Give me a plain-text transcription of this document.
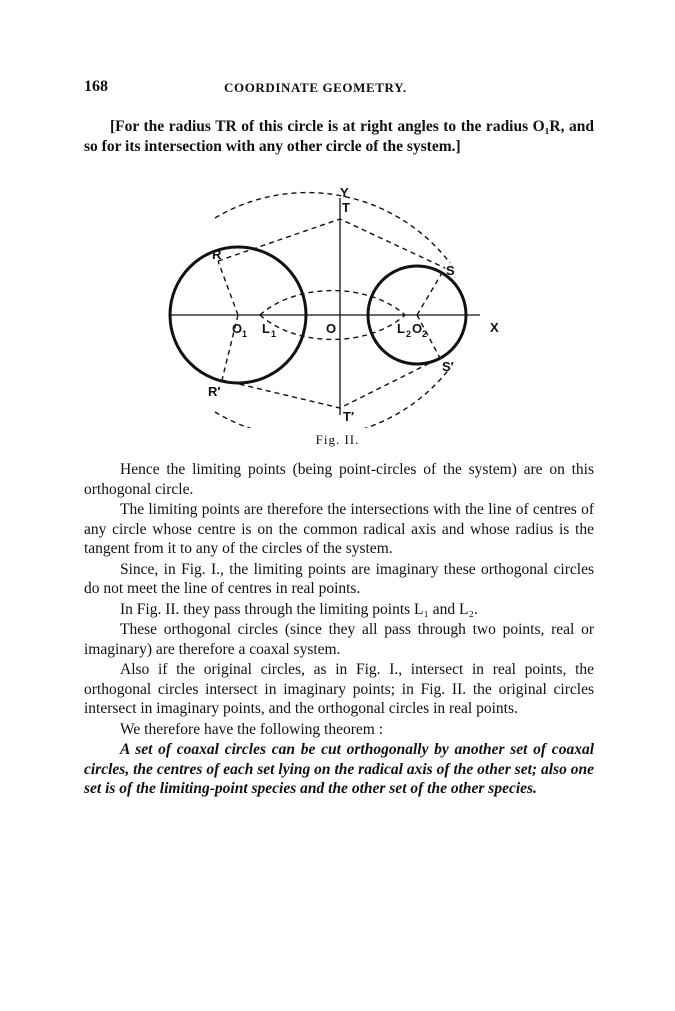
168	COORDINATE GEOMETRY.

[For the radius TR of this circle is at right angles to the radius O₁R, and so for its intersection with any other circle of the system.]

Y
T
R
S
O 1 L 1	O	L 2 O 2	X
S′
R′
T′
Fig. II.

Hence the limiting points (being point-circles of the system) are on this orthogonal circle.

The limiting points are therefore the intersections with the line of centres of any circle whose centre is on the common radical axis and whose radius is the tangent from it to any of the circles of the system.

Since, in Fig. I., the limiting points are imaginary these orthogonal circles do not meet the line of centres in real points.

In Fig. II. they pass through the limiting points L₁ and L₂.

These orthogonal circles (since they all pass through two points, real or imaginary) are therefore a coaxal system.

Also if the original circles, as in Fig. I., intersect in real points, the orthogonal circles intersect in imaginary points; in Fig. II. the original circles intersect in imaginary points, and the orthogonal circles in real points.

We therefore have the following theorem :

A set of coaxal circles can be cut orthogonally by another set of coaxal circles, the centres of each set lying on the radical axis of the other set; also one set is of the limiting-point species and the other set of the other species.
